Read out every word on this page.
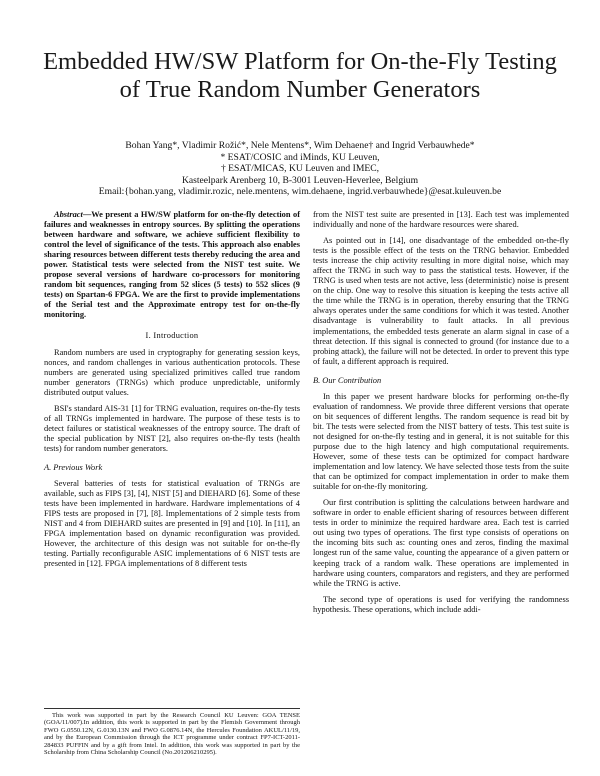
Embedded HW/SW Platform for On-the-Fly Testing
of True Random Number Generators
Bohan Yang*, Vladimir Rožić*, Nele Mentens*, Wim Dehaene† and Ingrid Verbauwhede*
* ESAT/COSIC and iMinds, KU Leuven,
† ESAT/MICAS, KU Leuven and IMEC,
Kasteelpark Arenberg 10, B-3001 Leuven-Heverlee, Belgium
Email:{bohan.yang, vladimir.rozic, nele.mentens, wim.dehaene, ingrid.verbauwhede}@esat.kuleuven.be

Abstract—We present a HW/SW platform for on-the-fly detection of failures and weaknesses in entropy sources. By splitting the operations between hardware and software, we achieve sufficient flexibility to control the level of significance of the tests. This approach also enables sharing resources between different tests thereby reducing the area and power. Statistical tests were selected from the NIST test suite. We propose several versions of hardware co-processors for monitoring random bit sequences, ranging from 52 slices (5 tests) to 552 slices (9 tests) on Spartan-6 FPGA. We are the first to provide implementations of the Serial test and the Approximate entropy test for on-the-fly monitoring.

I. Introduction

Random numbers are used in cryptography for generating session keys, nonces, and random challenges in various authentication protocols. These numbers are generated using specialized primitives called true random number generators (TRNGs) which produce unpredictable, uniformly distributed output values.

BSI's standard AIS-31 [1] for TRNG evaluation, requires on-the-fly tests of all TRNGs implemented in hardware. The purpose of these tests is to detect failures or statistical weaknesses of the entropy source. The draft of the special publication by NIST [2], also requires on-the-fly tests (health tests) for random number generators.

A. Previous Work

Several batteries of tests for statistical evaluation of TRNGs are available, such as FIPS [3], [4], NIST [5] and DIEHARD [6]. Some of these tests have been implemented in hardware. Hardware implementations of 4 FIPS tests are proposed in [7], [8]. Implementations of 2 simple tests from NIST and 4 from DIEHARD suites are presented in [9] and [10]. In [11], an FPGA implementation based on dynamic reconfiguration was provided. However, the architecture of this design was not suitable for on-the-fly testing. Partially reconfigurable ASIC implementations of 6 NIST tests are presented in [12]. FPGA implementations of 8 different tests

This work was supported in part by the Research Council KU Leuven: GOA TENSE (GOA/11/007).In addition, this work is supported in part by the Flemish Government through FWO G.0550.12N, G.0130.13N and FWO G.0876.14N, the Hercules Foundation AKUL/11/19, and by the European Commission through the ICT programme under contract FP7-ICT-2011-284833 PUFFIN and by a gift from Intel. In addition, this work was supported in part by the Scholarship from China Scholarship Council (No.201206210295).

from the NIST test suite are presented in [13]. Each test was implemented individually and none of the hardware resources were shared.

As pointed out in [14], one disadvantage of the embedded on-the-fly tests is the possible effect of the tests on the TRNG behavior. Embedded tests increase the chip activity resulting in more digital noise, which may affect the TRNG in such way to pass the statistical tests. However, if the TRNG is used when tests are not active, less (deterministic) noise is present on the chip. One way to resolve this situation is keeping the tests active all the time while the TRNG is in operation, thereby ensuring that the TRNG always operates under the same conditions for which it was tested. Another disadvantage is vulnerability to fault attacks. In all previous implementations, the embedded tests generate an alarm signal in case of a threat detection. If this signal is connected to ground (for instance due to a probing attack), the failure will not be detected. In order to prevent this type of fault, a different approach is required.

B. Our Contribution

In this paper we present hardware blocks for performing on-the-fly evaluation of randomness. We provide three different versions that operate on bit sequences of different lengths. The random sequence is read bit by bit. The tests were selected from the NIST battery of tests. This test suite is not designed for on-the-fly testing and in general, it is not suitable for this purpose due to the high latency and high computational requirements. However, some of these tests can be optimized for compact hardware implementation and low latency. We have selected those tests from the suite that can be optimized for compact implementation in order to make them suitable for on-the-fly monitoring.

Our first contribution is splitting the calculations between hardware and software in order to enable efficient sharing of resources between different tests in order to minimize the required hardware area. Each test is carried out using two types of operations. The first type consists of operations on the incoming bits such as: counting ones and zeros, finding the maximal longest run of the same value, counting the appearance of a given pattern or keeping track of a random walk. These operations are implemented in hardware using counters, comparators and registers, and they are performed while the TRNG is active.

The second type of operations is used for verifying the randomness hypothesis. These operations, which include addi-
